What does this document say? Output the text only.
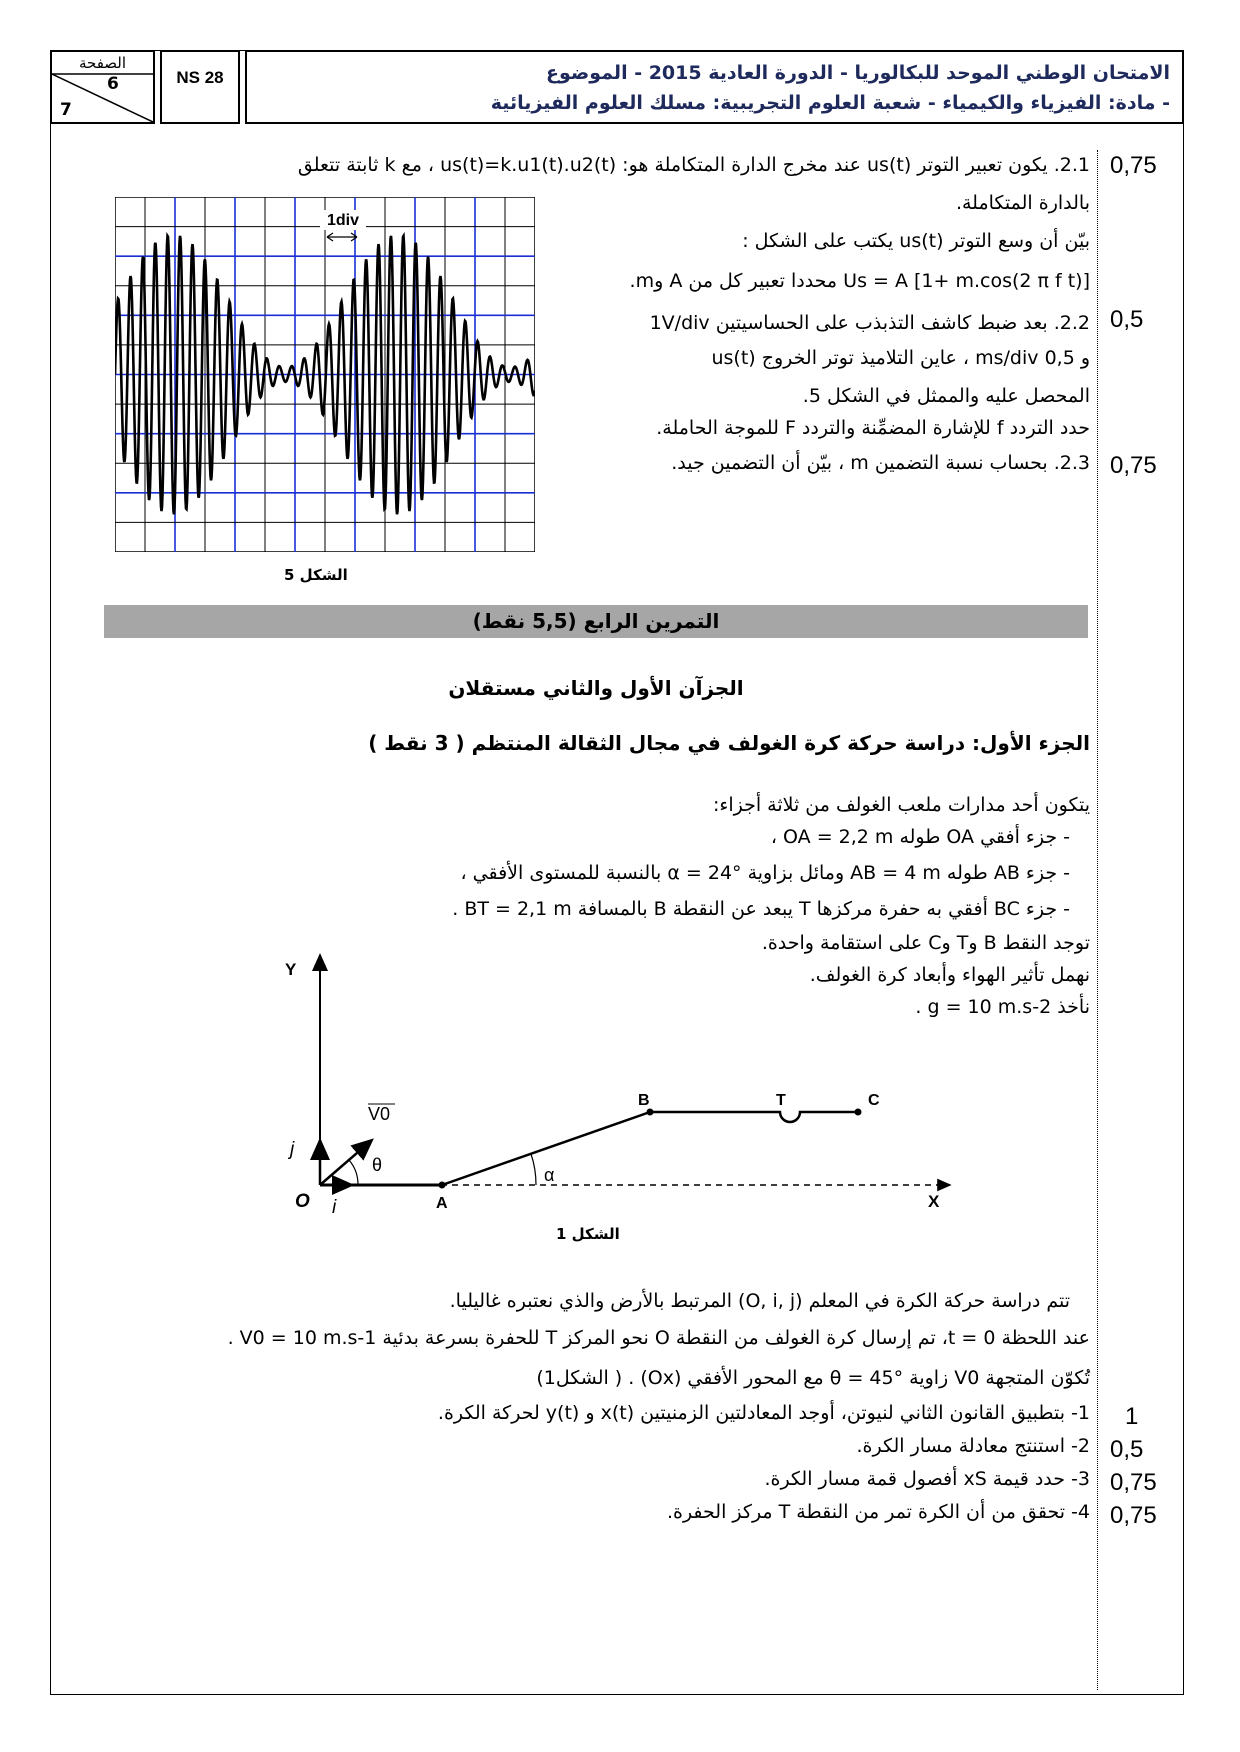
الصفحة
6
7
NS 28	الامتحان الوطني الموحد للبكالوريا - الدورة العادية 2015 - الموضوع
- مادة: الفيزياء والكيمياء - شعبة العلوم التجريبية: مسلك العلوم الفيزيائية
2.1. يكون تعبير التوتر us(t) عند مخرج الدارة المتكاملة هو: us(t)=k.u1(t).u2(t) ، مع k ثابتة تتعلق
بالدارة المتكاملة.
بيّن أن وسع التوتر us(t) يكتب على الشكل :
Us = A [1+ m.cos(2 π f t)] محددا تعبير كل من A وm.
2.2. بعد ضبط كاشف التذبذب على الحساسيتين 1V/div
و 0,5 ms/div ، عاين التلاميذ توتر الخروج us(t)
المحصل عليه والممثل في الشكل 5.
حدد التردد f للإشارة المضمِّنة والتردد F للموجة الحاملة.
2.3. بحساب نسبة التضمين m ، بيّن أن التضمين جيد.
0,75
0,5
0,75
1div
الشكل 5
التمرين الرابع (5,5 نقط)
الجزآن الأول والثاني مستقلان
الجزء الأول: دراسة حركة كرة الغولف في مجال الثقالة المنتظم ( 3 نقط )
يتكون أحد مدارات ملعب الغولف من ثلاثة أجزاء:
- جزء أفقي OA طوله OA = 2,2 m ،
- جزء AB طوله AB = 4 m ومائل بزاوية α = 24° بالنسبة للمستوى الأفقي ،
- جزء BC أفقي به حفرة مركزها T يبعد عن النقطة B بالمسافة BT = 2,1 m .
توجد النقط B وT وC على استقامة واحدة.
نهمل تأثير الهواء وأبعاد كرة الغولف.
نأخذ g = 10 m.s-2 .
Y
X
O	A
B	T	C
i
j
V0
θ	α
الشكل 1
تتم دراسة حركة الكرة في المعلم (O, i, j) المرتبط بالأرض والذي نعتبره غاليليا.
عند اللحظة t = 0، تم إرسال كرة الغولف من النقطة O نحو المركز T للحفرة بسرعة بدئية V0 = 10 m.s-1 .
تُكوّن المتجهة V0 زاوية θ = 45° مع المحور الأفقي (Ox) . ( الشكل1)
1- بتطبيق القانون الثاني لنيوتن، أوجد المعادلتين الزمنيتين x(t) و y(t) لحركة الكرة.
2- استنتج معادلة مسار الكرة.
3- حدد قيمة xS أفصول قمة مسار الكرة.
4- تحقق من أن الكرة تمر من النقطة T مركز الحفرة.
1
0,5
0,75
0,75
